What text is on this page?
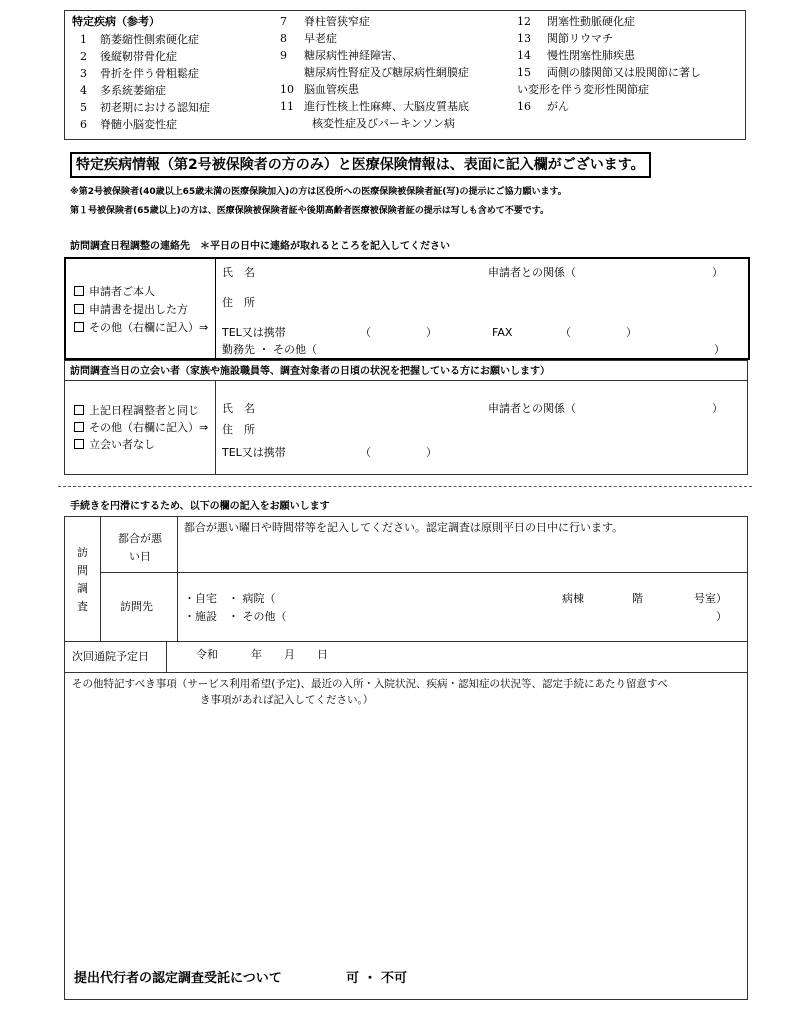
特定疾病（参考）
1 筋萎縮性側索硬化症
2 後縦靭帯骨化症
3 骨折を伴う骨粗鬆症
4 多系統萎縮症
5 初老期における認知症
6 脊髄小脳変性症
7 脊柱管狭窄症
8 早老症
9 糖尿病性神経障害、
糖尿病性腎症及び糖尿病性網膜症
10 脳血管疾患
11 進行性核上性麻痺、大脳皮質基底
核変性症及びパーキンソン病
12 閉塞性動脈硬化症
13 関節リウマチ
14 慢性閉塞性肺疾患
15 両側の膝関節又は股関節に著し
い変形を伴う変形性関節症
16 がん
特定疾病情報（第2号被保険者の方のみ）と医療保険情報は、表面に記入欄がございます。
※第2号被保険者(40歳以上65歳未満の医療保険加入)の方は区役所への医療保険被保険者証(写)の提示にご協力願います。
第１号被保険者(65歳以上)の方は、医療保険被保険者証や後期高齢者医療被保険者証の提示は写しも含めて不要です。
訪問調査日程調整の連絡先　＊平日の日中に連絡が取れるところを記入してください
申請者ご本人
申請書を提出した方
その他（右欄に記入）⇒
氏　名	申請者との関係（	）
住　所
TEL又は携帯	（　　　　　）	FAX	（　　　　　）
勤務先 ・ その他（	）
訪問調査当日の立会い者（家族や施設職員等、調査対象者の日頃の状況を把握している方にお願いします）
上記日程調整者と同じ
その他（右欄に記入）⇒
立会い者なし
氏　名	申請者との関係（	）
住　所
TEL又は携帯	（　　　　　）
手続きを円滑にするため、以下の欄の記入をお願いします
訪問調査
都合が悪い日
都合が悪い曜日や時間帯等を記入してください。認定調査は原則平日の日中に行います。
訪問先
・自宅　・ 病院（	病棟	階	号室）
・施設　・ その他（	）
次回通院予定日	令和　　　年　　月　　日
その他特記すべき事項（サービス利用希望(予定)、最近の入所・入院状況、疾病・認知症の状況等、認定手続にあたり留意すべ
き事項があれば記入してください。）
提出代行者の認定調査受託について	可 ・ 不可
